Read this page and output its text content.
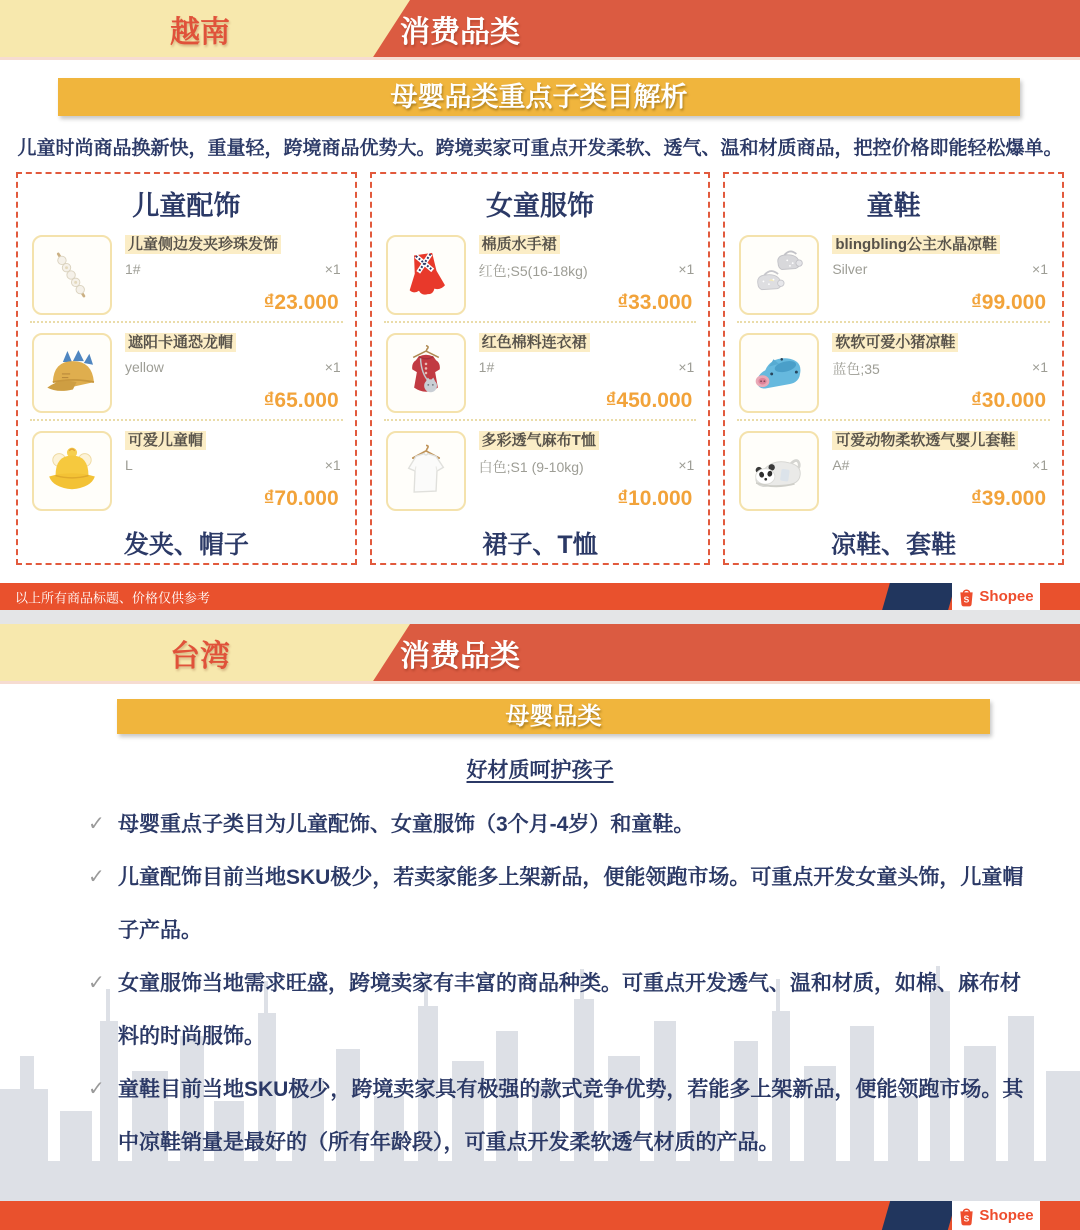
越南	消费品类
母婴品类重点子类目解析
儿童时尚商品换新快，重量轻，跨境商品优势大。跨境卖家可重点开发柔软、透气、温和材质商品，把控价格即能轻松爆单。
儿童配饰
儿童侧边发夹珍珠发饰
1#	×1
₫23.000
遮阳卡通恐龙帽
yellow	×1
₫65.000
可爱儿童帽
L	×1
₫70.000
发夹、帽子
女童服饰
棉质水手裙
红色;S5(16-18kg)	×1
₫33.000
红色棉料连衣裙
1#	×1
₫450.000
多彩透气麻布T恤
白色;S1 (9-10kg)	×1
₫10.000
裙子、T恤
童鞋
blingbling公主水晶凉鞋
Silver	×1
₫99.000
软软可爱小猪凉鞋
蓝色;35	×1
₫30.000
可爱动物柔软透气婴儿套鞋
A#	×1
₫39.000
凉鞋、套鞋
以上所有商品标题、价格仅供参考	S Shopee
台湾	消费品类
母婴品类
好材质呵护孩子
✓ 母婴重点子类目为儿童配饰、女童服饰（3个月-4岁）和童鞋。
✓ 儿童配饰目前当地SKU极少，若卖家能多上架新品，便能领跑市场。可重点开发女童头饰，儿童帽子产品。
✓ 女童服饰当地需求旺盛，跨境卖家有丰富的商品种类。可重点开发透气、温和材质，如棉、麻布材料的时尚服饰。
✓ 童鞋目前当地SKU极少，跨境卖家具有极强的款式竞争优势，若能多上架新品，便能领跑市场。其中凉鞋销量是最好的（所有年龄段），可重点开发柔软透气材质的产品。
S Shopee
